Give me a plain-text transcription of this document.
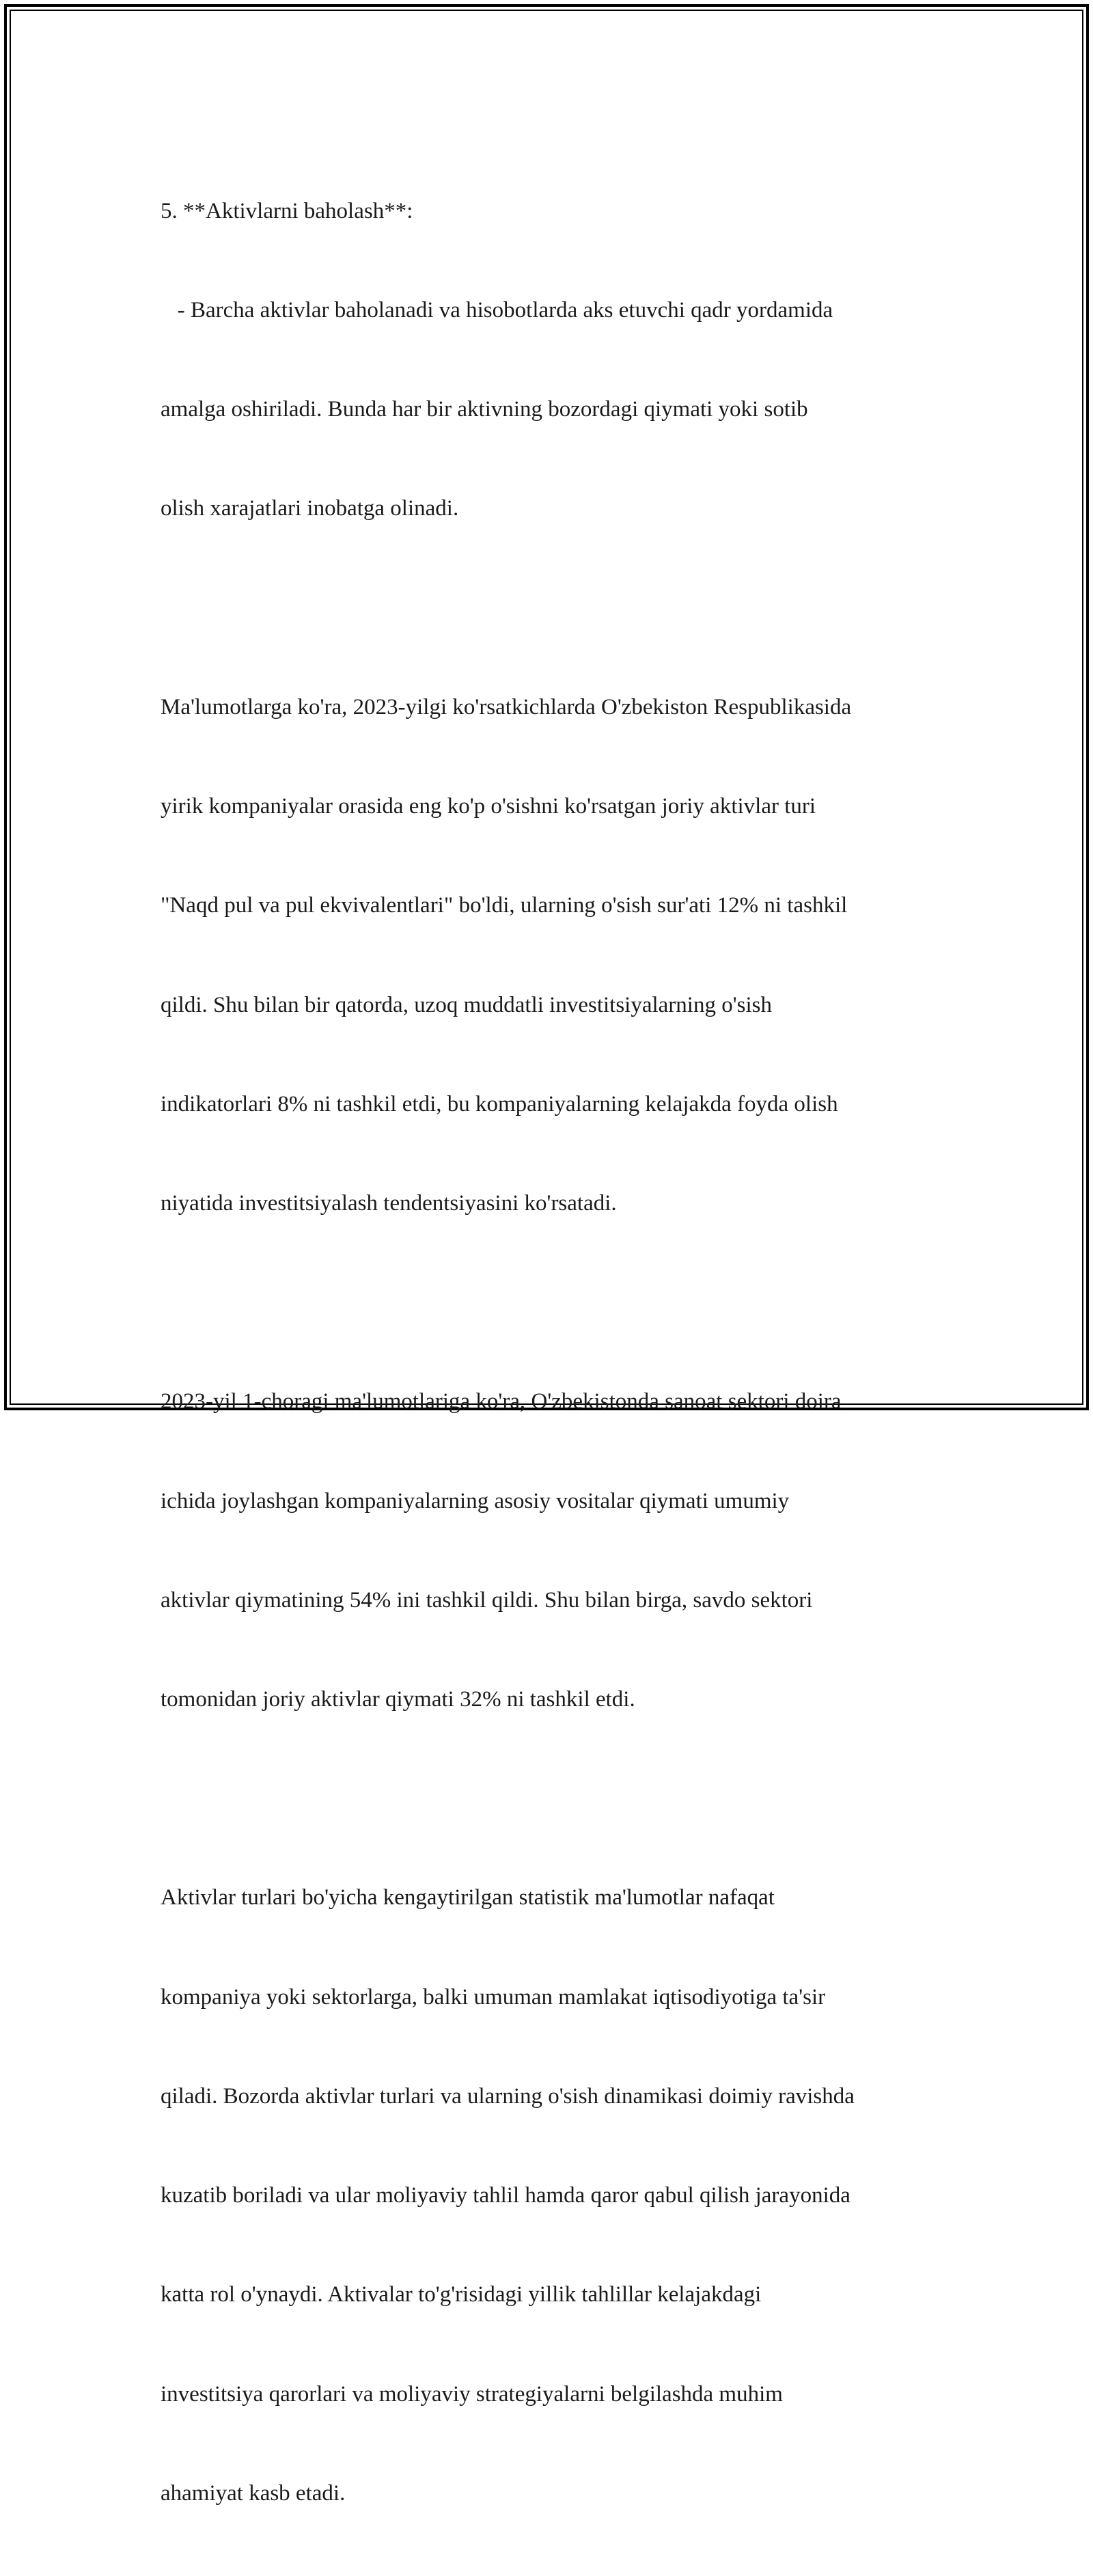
5. **Aktivlarni baholash**:

- Barcha aktivlar baholanadi va hisobotlarda aks etuvchi qadr yordamida

amalga oshiriladi. Bunda har bir aktivning bozordagi qiymati yoki sotib

olish xarajatlari inobatga olinadi.

Ma'lumotlarga ko'ra, 2023-yilgi ko'rsatkichlarda O'zbekiston Respublikasida

yirik kompaniyalar orasida eng ko'p o'sishni ko'rsatgan joriy aktivlar turi

"Naqd pul va pul ekvivalentlari" bo'ldi, ularning o'sish sur'ati 12% ni tashkil

qildi. Shu bilan bir qatorda, uzoq muddatli investitsiyalarning o'sish

indikatorlari 8% ni tashkil etdi, bu kompaniyalarning kelajakda foyda olish

niyatida investitsiyalash tendentsiyasini ko'rsatadi.

2023-yil 1-choragi ma'lumotlariga ko'ra, O'zbekistonda sanoat sektori doira

ichida joylashgan kompaniyalarning asosiy vositalar qiymati umumiy

aktivlar qiymatining 54% ini tashkil qildi. Shu bilan birga, savdo sektori

tomonidan joriy aktivlar qiymati 32% ni tashkil etdi.

Aktivlar turlari bo'yicha kengaytirilgan statistik ma'lumotlar nafaqat

kompaniya yoki sektorlarga, balki umuman mamlakat iqtisodiyotiga ta'sir

qiladi. Bozorda aktivlar turlari va ularning o'sish dinamikasi doimiy ravishda

kuzatib boriladi va ular moliyaviy tahlil hamda qaror qabul qilish jarayonida

katta rol o'ynaydi. Aktivalar to'g'risidagi yillik tahlillar kelajakdagi

investitsiya qarorlari va moliyaviy strategiyalarni belgilashda muhim

ahamiyat kasb etadi.
